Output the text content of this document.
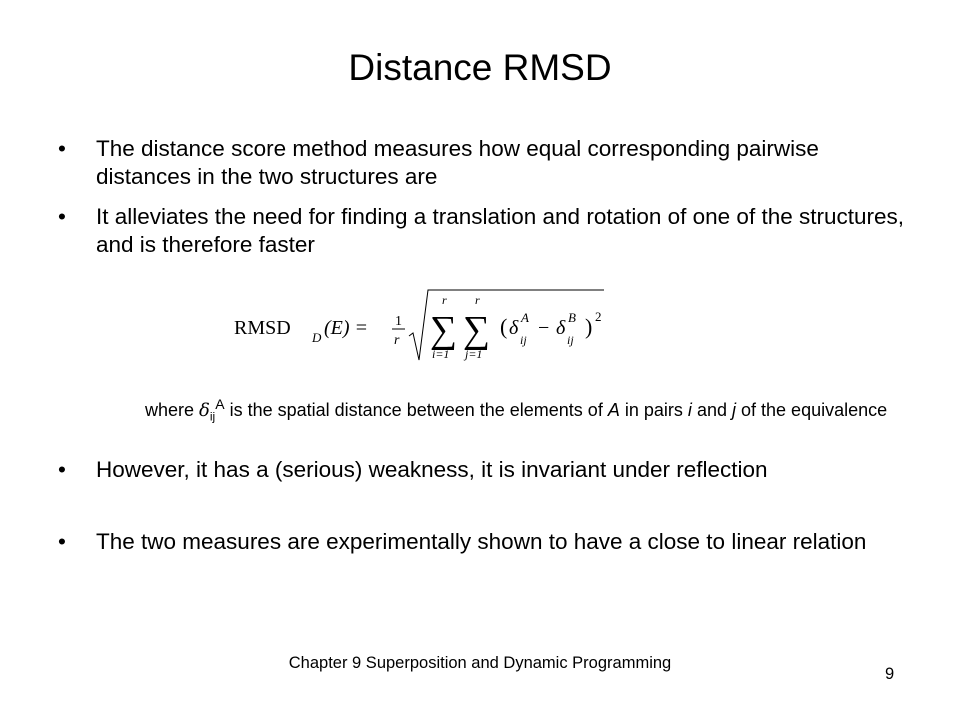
Distance RMSD
• The distance score method measures how equal corresponding pairwise distances in the two structures are
• It alleviates the need for finding a translation and rotation of one of the structures, and is therefore faster
RMSD D (E) = 1
r
r
∑
i=1
r
∑
j=1
( δ A
ij
− δ B
ij
) 2
where $\delta_{ij}^A$ is the spatial distance between the elements of A in pairs i and j of the equivalence
• However, it has a (serious) weakness, it is invariant under reflection
• The two measures are experimentally shown to have a close to linear relation
Chapter 9 Superposition and Dynamic Programming
9
